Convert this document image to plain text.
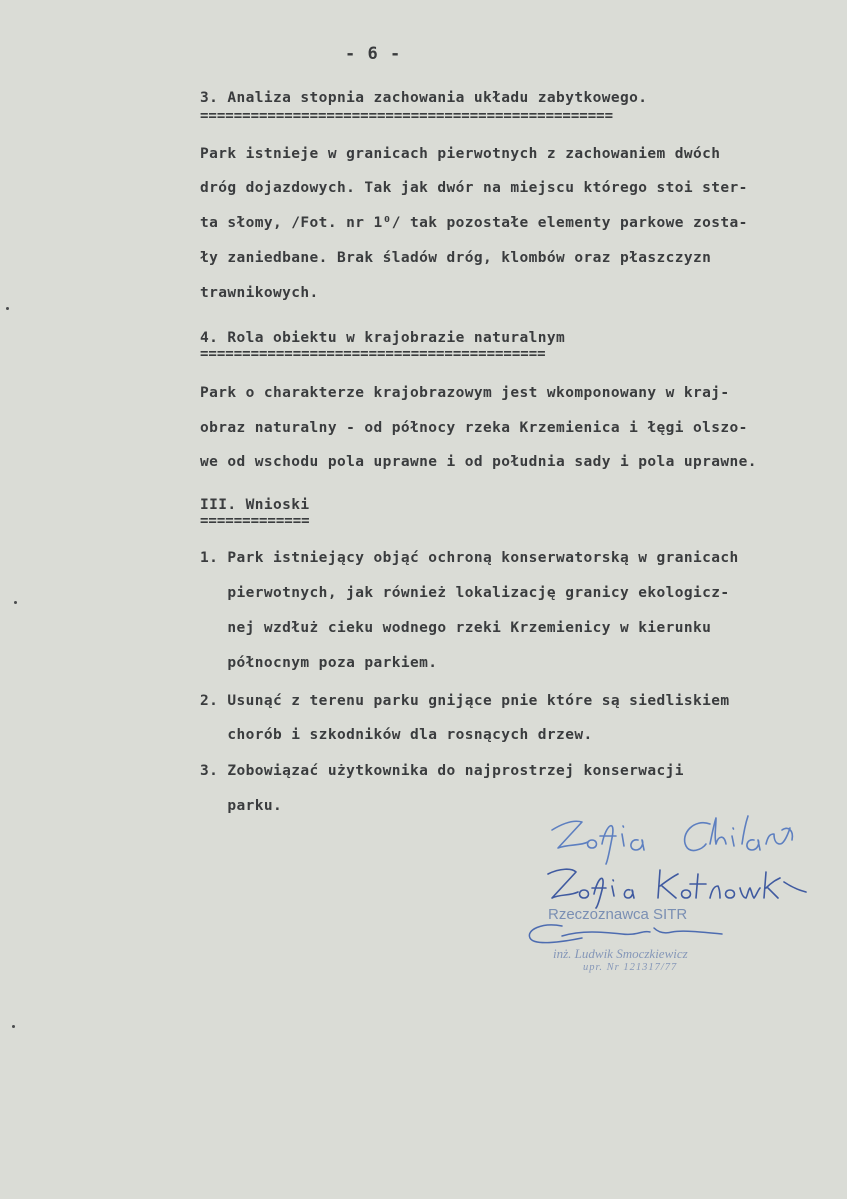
- 6 -
3. Analiza stopnia zachowania układu zabytkowego.
=================================================
Park istnieje w granicach pierwotnych z zachowaniem dwóch
dróg dojazdowych. Tak jak dwór na miejscu którego stoi ster-
ta słomy, /Fot. nr 1⁰/ tak pozostałe elementy parkowe zosta-
ły zaniedbane. Brak śladów dróg, klombów oraz płaszczyzn
trawnikowych.
4. Rola obiektu w krajobrazie naturalnym
=========================================
Park o charakterze krajobrazowym jest wkomponowany w kraj-
obraz naturalny - od północy rzeka Krzemienica i łęgi olszo-
we od wschodu pola uprawne i od południa sady i pola uprawne.
III. Wnioski
=============
1. Park istniejący objąć ochroną konserwatorską w granicach
pierwotnych, jak również lokalizację granicy ekologicz-
nej wzdłuż cieku wodnego rzeki Krzemienicy w kierunku
północnym poza parkiem.
2. Usunąć z terenu parku gnijące pnie które są siedliskiem
chorób i szkodników dla rosnących drzew.
3. Zobowiązać użytkownika do najprostrzej konserwacji
parku.
Rzeczoznawca SITR
inż. Ludwik Smoczkiewicz
upr. Nr 121317/77
